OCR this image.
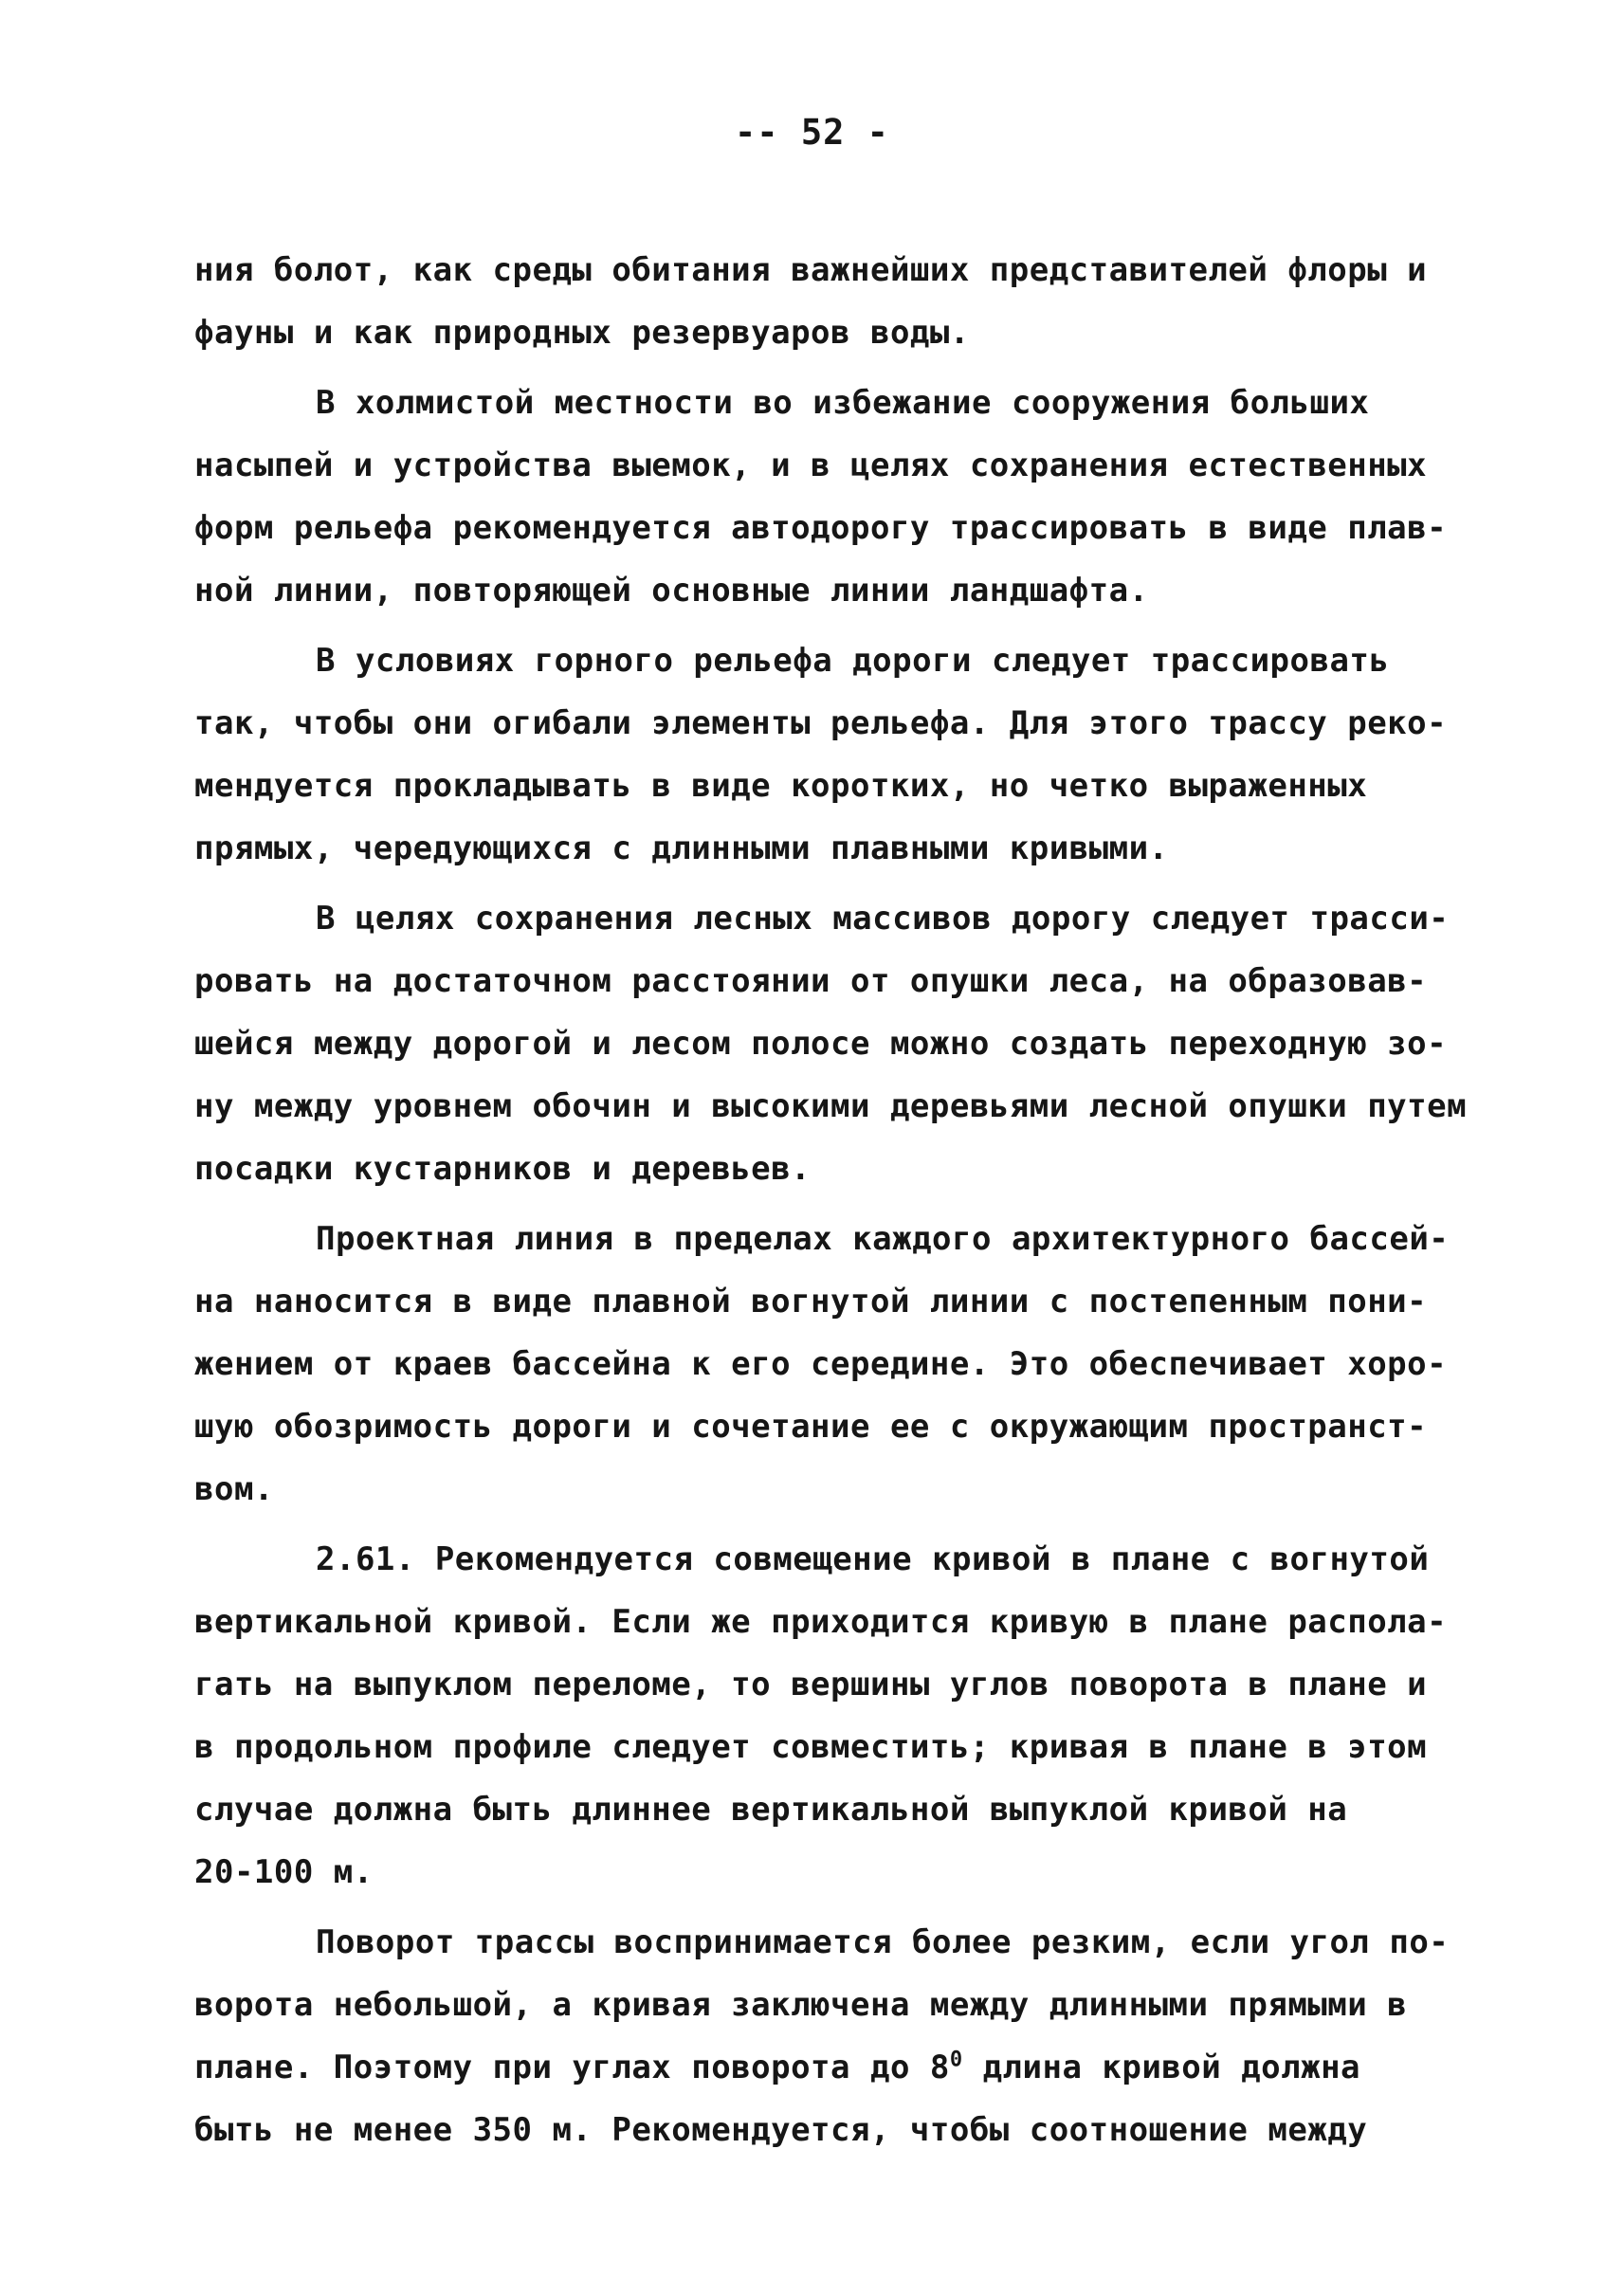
-- 52 -
ния болот, как среды обитания важнейших представителей флоры и
фауны и как природных резервуаров воды.
В холмистой местности во избежание сооружения больших
насыпей и устройства выемок, и в целях сохранения естественных
форм рельефа рекомендуется автодорогу трассировать в виде плав-
ной линии, повторяющей основные линии ландшафта.
В условиях горного рельефа дороги следует трассировать
так, чтобы они огибали элементы рельефа. Для этого трассу реко-
мендуется прокладывать в виде коротких, но четко выраженных
прямых, чередующихся с длинными плавными кривыми.
В целях сохранения лесных массивов дорогу следует трасси-
ровать на достаточном расстоянии от опушки леса, на образовав-
шейся между дорогой и лесом полосе можно создать переходную зо-
ну между уровнем обочин и высокими деревьями лесной опушки путем
посадки кустарников и деревьев.
Проектная линия в пределах каждого архитектурного бассей-
на наносится в виде плавной вогнутой линии с постепенным пони-
жением от краев бассейна к его середине. Это обеспечивает хоро-
шую обозримость дороги и сочетание ее с окружающим пространст-
вом.
2.61. Рекомендуется совмещение кривой в плане с вогнутой
вертикальной кривой. Если же приходится кривую в плане распола-
гать на выпуклом переломе, то вершины углов поворота в плане и
в продольном профиле следует совместить; кривая в плане в этом
случае должна быть длиннее вертикальной выпуклой кривой на
20-100 м.
Поворот трассы воспринимается более резким, если угол по-
ворота небольшой, а кривая заключена между длинными прямыми в
плане. Поэтому при углах поворота до $8^0$ длина кривой должна
быть не менее 350 м. Рекомендуется, чтобы соотношение между
